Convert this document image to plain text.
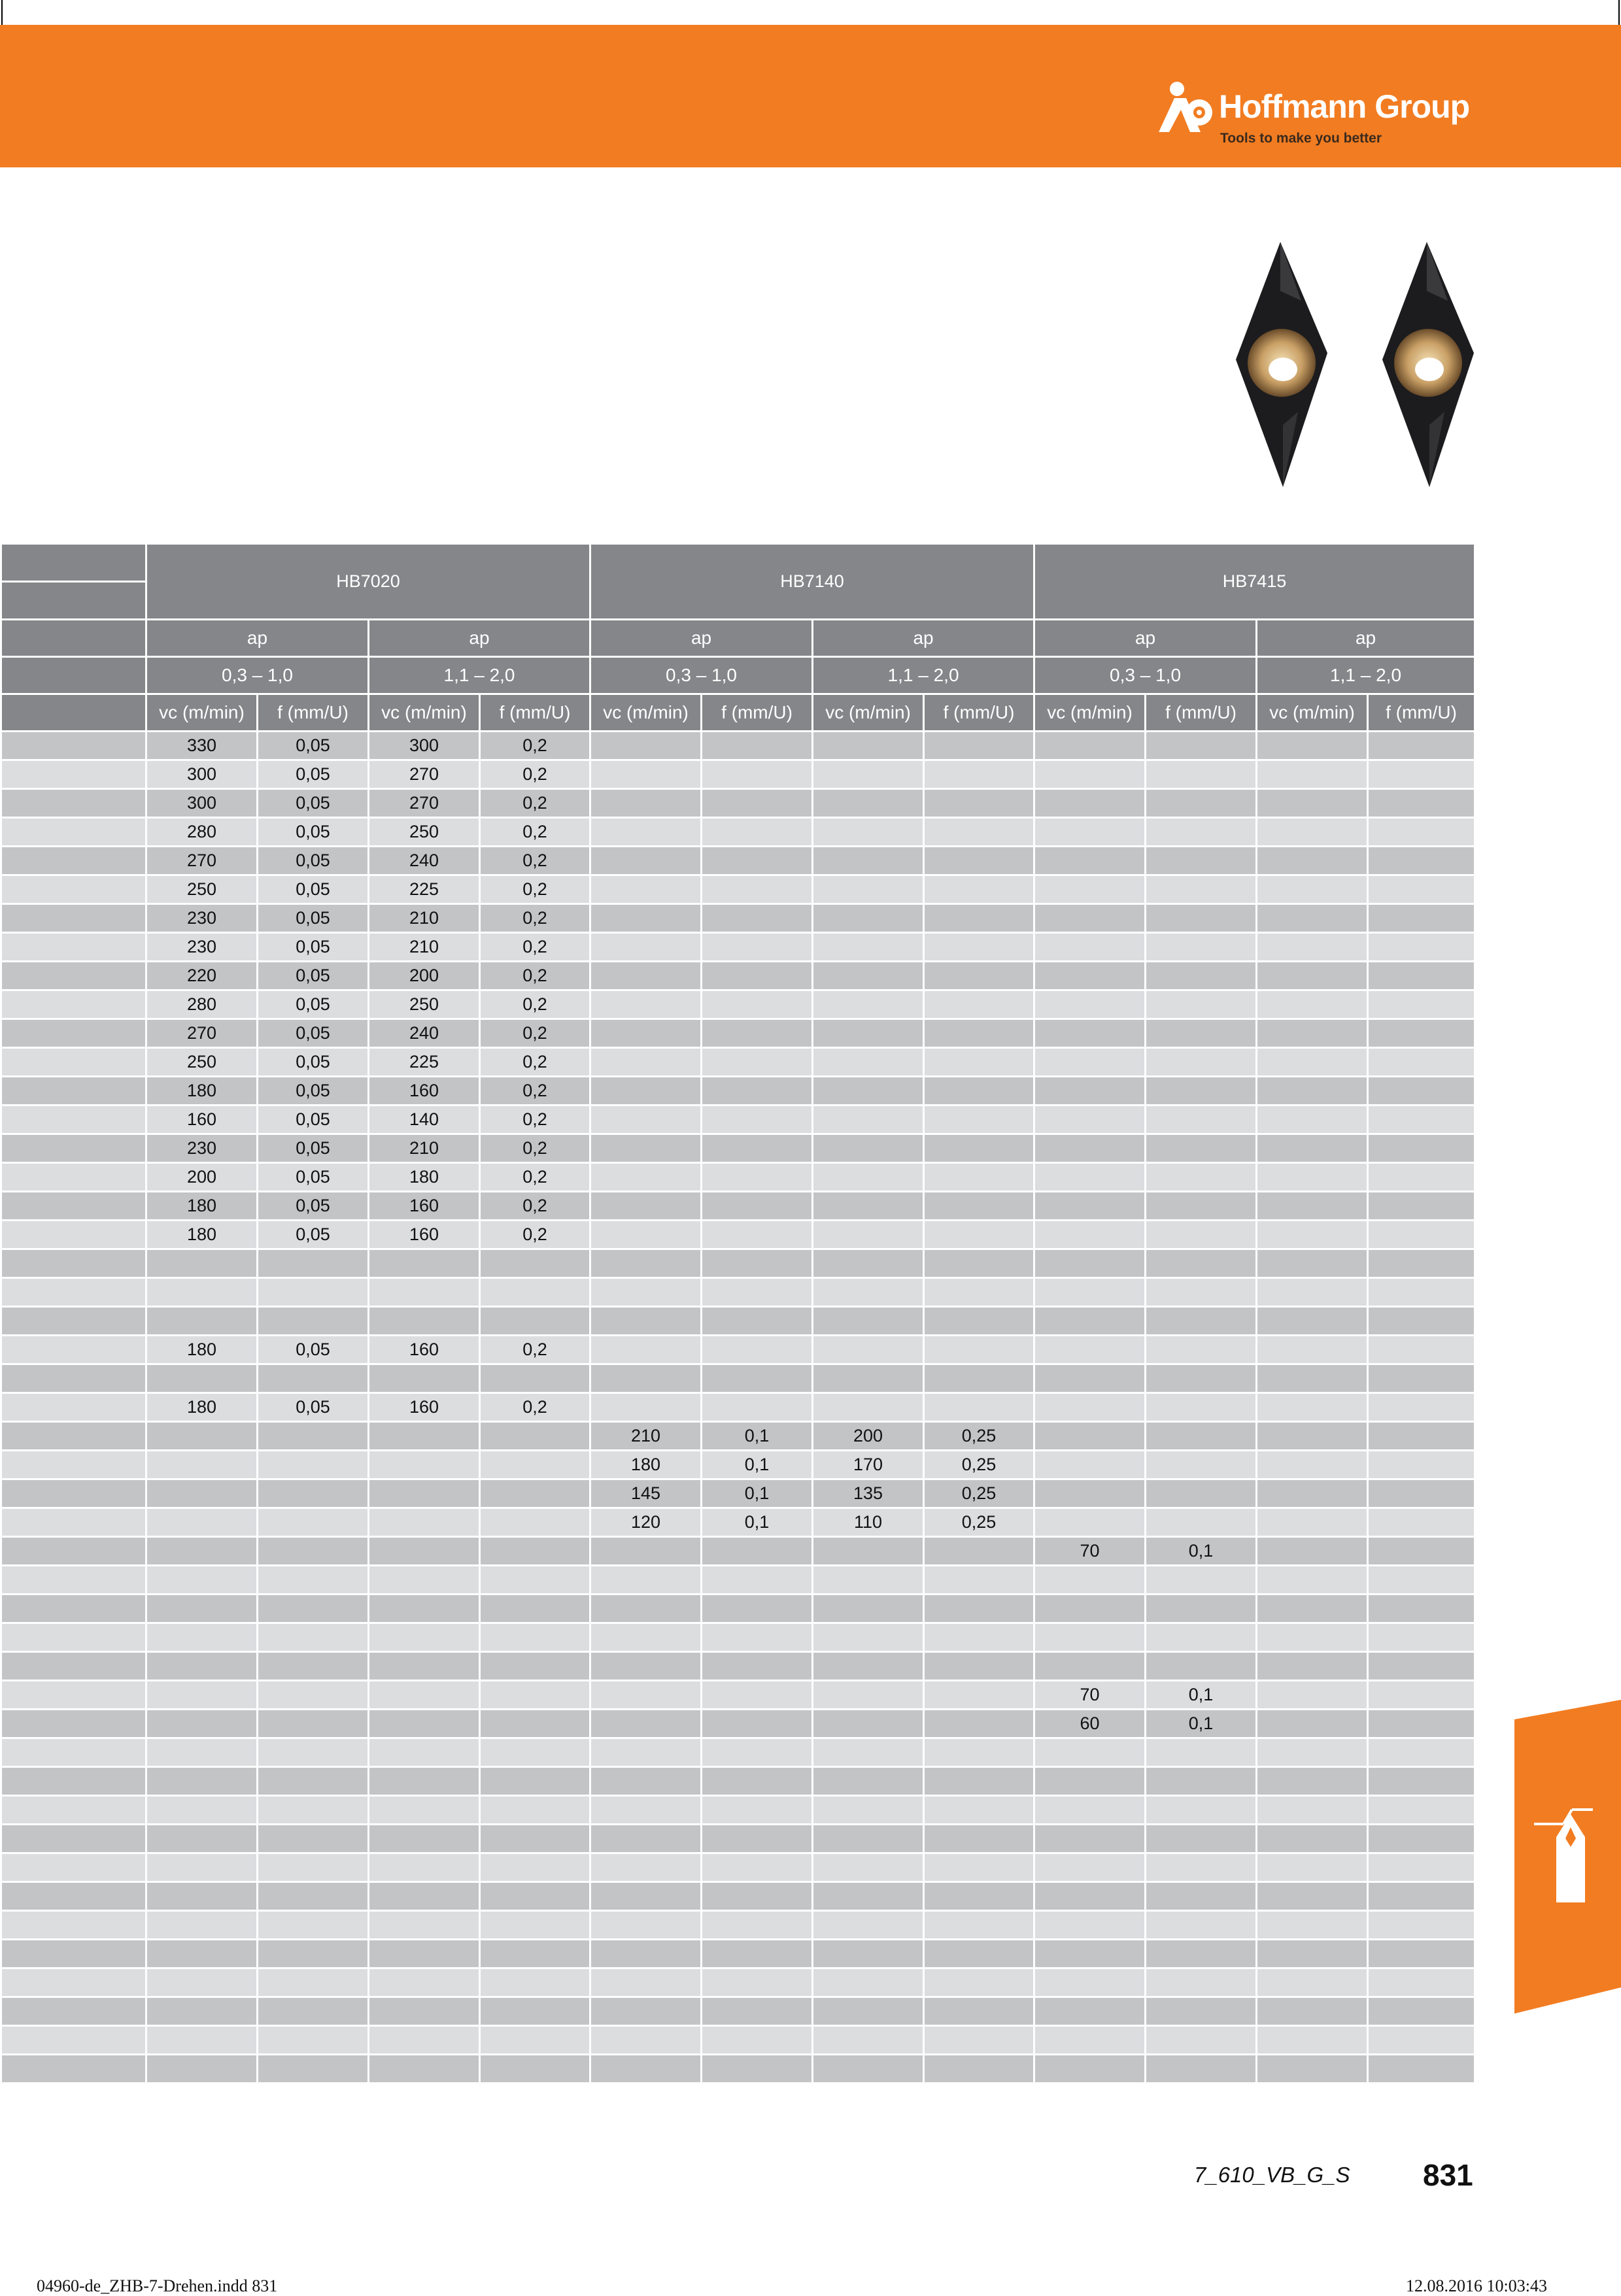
Hoffmann Group
Tools to make you better
	HB7020				HB7140				HB7415			

	ap		ap		ap		ap		ap		ap	
	0,3 – 1,0		1,1 – 2,0		0,3 – 1,0		1,1 – 2,0		0,3 – 1,0		1,1 – 2,0	
	vc (m/min)	f (mm/U)	vc (m/min)	f (mm/U)	vc (m/min)	f (mm/U)	vc (m/min)	f (mm/U)	vc (m/min)	f (mm/U)	vc (m/min)	f (mm/U)
	330	0,05	300	0,2								
	300	0,05	270	0,2								
	300	0,05	270	0,2								
	280	0,05	250	0,2								
	270	0,05	240	0,2								
	250	0,05	225	0,2								
	230	0,05	210	0,2								
	230	0,05	210	0,2								
	220	0,05	200	0,2								
	280	0,05	250	0,2								
	270	0,05	240	0,2								
	250	0,05	225	0,2								
	180	0,05	160	0,2								
	160	0,05	140	0,2								
	230	0,05	210	0,2								
	200	0,05	180	0,2								
	180	0,05	160	0,2								
	180	0,05	160	0,2								

	180	0,05	160	0,2								

	180	0,05	160	0,2								
					210	0,1	200	0,25				
					180	0,1	170	0,25				
					145	0,1	135	0,25				
					120	0,1	110	0,25				
									70	0,1		

									70	0,1		
									60	0,1		

7_610_VB_G_S 831
04960-de_ZHB-7-Drehen.indd 831	12.08.2016 10:03:43
